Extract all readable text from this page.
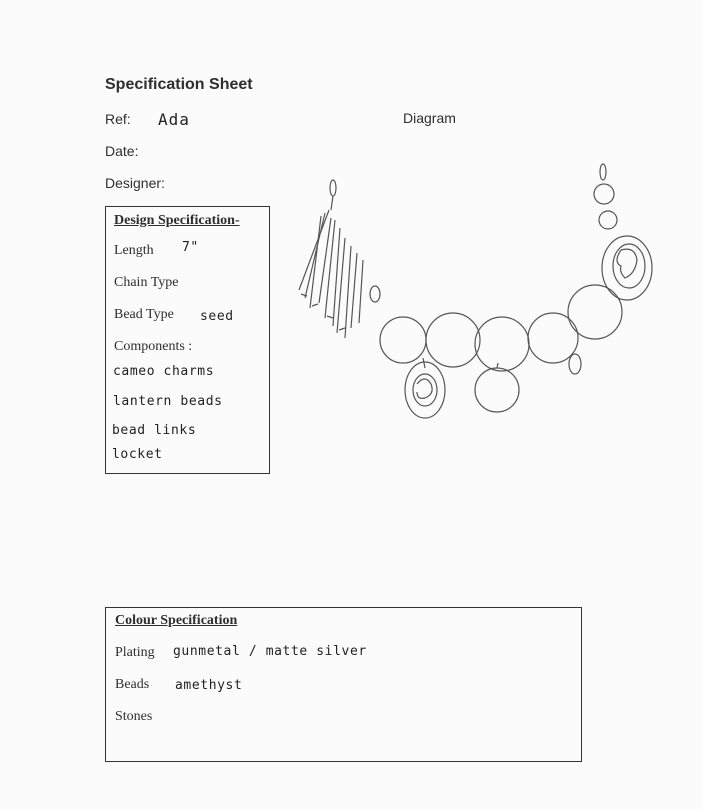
Specification Sheet
Ref: Ada
Date:
Designer:
Diagram
Design Specification-
Length 7"
Chain Type
Bead Type seed
Components :
cameo charms
lantern beads
bead links
locket
Colour Specification
Plating gunmetal / matte silver
Beads amethyst
Stones
